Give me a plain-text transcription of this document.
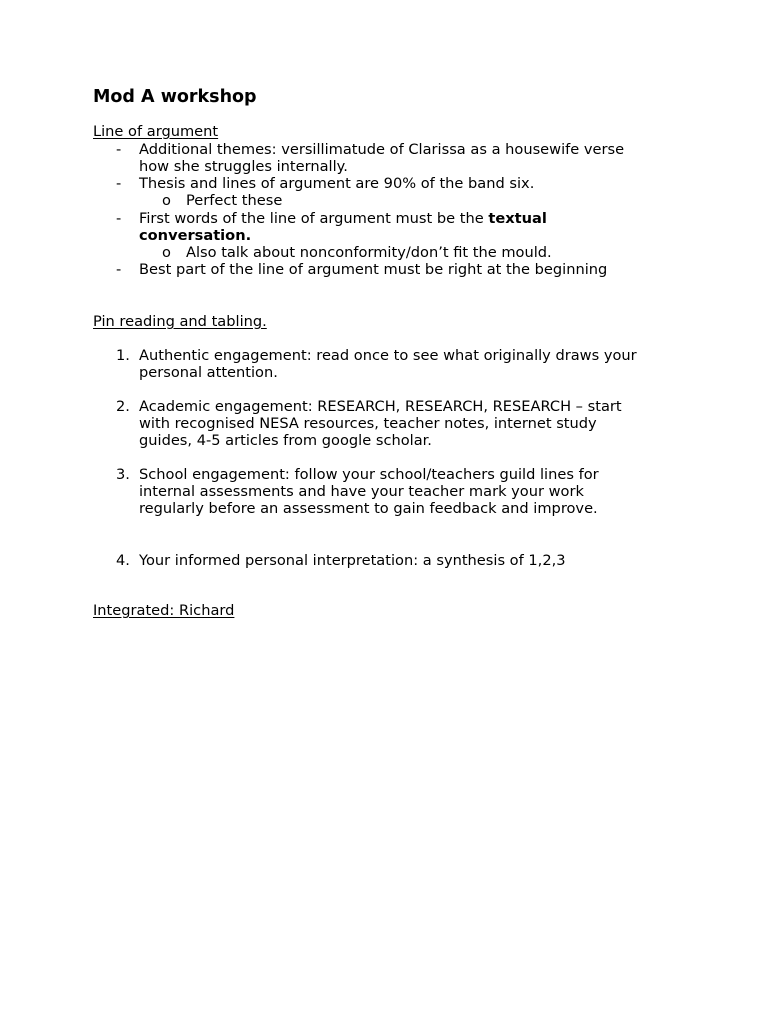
Mod A workshop
Line of argument
- Additional themes: versillimatude of Clarissa as a housewife verse
how she struggles internally.
- Thesis and lines of argument are 90% of the band six.
o Perfect these
- First words of the line of argument must be the textual
conversation.
o Also talk about nonconformity/don’t fit the mould.
- Best part of the line of argument must be right at the beginning
Pin reading and tabling.
1. Authentic engagement: read once to see what originally draws your
personal attention.
2. Academic engagement: RESEARCH, RESEARCH, RESEARCH – start
with recognised NESA resources, teacher notes, internet study
guides, 4-5 articles from google scholar.
3. School engagement: follow your school/teachers guild lines for
internal assessments and have your teacher mark your work
regularly before an assessment to gain feedback and improve.
4. Your informed personal interpretation: a synthesis of 1,2,3
Integrated: Richard
